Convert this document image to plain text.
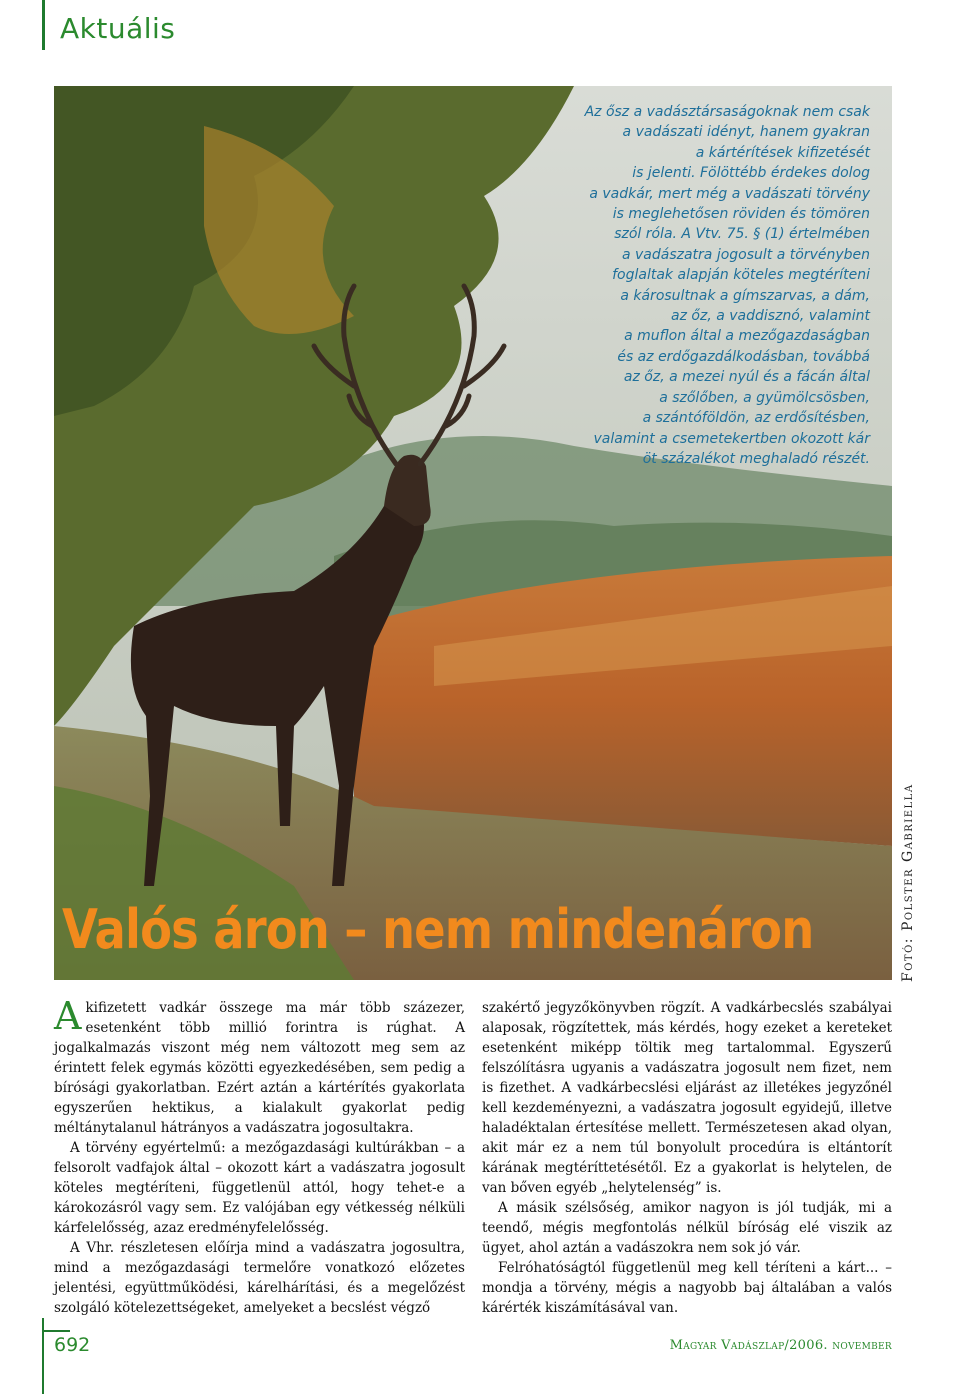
Aktuális
Az ősz a vadásztársaságoknak nem csak
a vadászati idényt, hanem gyakran
a kártérítések kifizetését
is jelenti. Fölöttébb érdekes dolog
a vadkár, mert még a vadászati törvény
is meglehetősen röviden és tömören
szól róla. A Vtv. 75. § (1) értelmében
a vadászatra jogosult a törvényben
foglaltak alapján köteles megtéríteni
a károsultnak a gímszarvas, a dám,
az őz, a vaddisznó, valamint
a muflon által a mezőgazdaságban
és az erdőgazdálkodásban, továbbá
az őz, a mezei nyúl és a fácán által
a szőlőben, a gyümölcsösben,
a szántóföldön, az erdősítésben,
valamint a csemetekertben okozott kár
öt százalékot meghaladó részét.
Valós áron – nem mindenáron	Fotó: Polster Gabriella

Akifizetett vadkár összege ma már több százezer, esetenként több millió forintra is rúghat. A jogalkalmazás viszont még nem változott meg sem az érintett felek egymás közötti egyezkedésében, sem pedig a bírósági gyakorlatban. Ezért aztán a kártérítés gyakorlata egyszerűen hektikus, a kialakult gyakorlat pedig méltánytalanul hátrányos a vadászatra jogosultakra.

A törvény egyértelmű: a mezőgazdasági kultúrákban – a felsorolt vadfajok által – okozott kárt a vadászatra jogosult köteles megtéríteni, függetlenül attól, hogy tehet-e a károkozásról vagy sem. Ez valójában egy vétkesség nélküli kárfelelősség, azaz eredményfelelősség.

A Vhr. részletesen előírja mind a vadászatra jogosultra, mind a mezőgazdasági termelőre vonatkozó előzetes jelentési, együttműködési, kárelhárítási, és a megelőzést szolgáló kötelezettségeket, amelyeket a becslést végző

szakértő jegyzőkönyvben rögzít. A vadkárbecslés szabályai alaposak, rögzítettek, más kérdés, hogy ezeket a kereteket esetenként miképp töltik meg tartalommal. Egyszerű felszólításra ugyanis a vadászatra jogosult nem fizet, nem is fizethet. A vadkárbecslési eljárást az illetékes jegyzőnél kell kezdeményezni, a vadászatra jogosult egyidejű, illetve haladéktalan értesítése mellett. Természetesen akad olyan, akit már ez a nem túl bonyolult procedúra is eltántorít kárának megtéríttetésétől. Ez a gyakorlat is helytelen, de van bőven egyéb „helytelenség” is.

A másik szélsőség, amikor nagyon is jól tudják, mi a teendő, mégis megfontolás nélkül bíróság elé viszik az ügyet, ahol aztán a vadászokra nem sok jó vár.

Felróhatóságtól függetlenül meg kell téríteni a kárt... – mondja a törvény, mégis a nagyobb baj általában a valós kárérték kiszámításával van.

692	Magyar Vadászlap/2006. november
